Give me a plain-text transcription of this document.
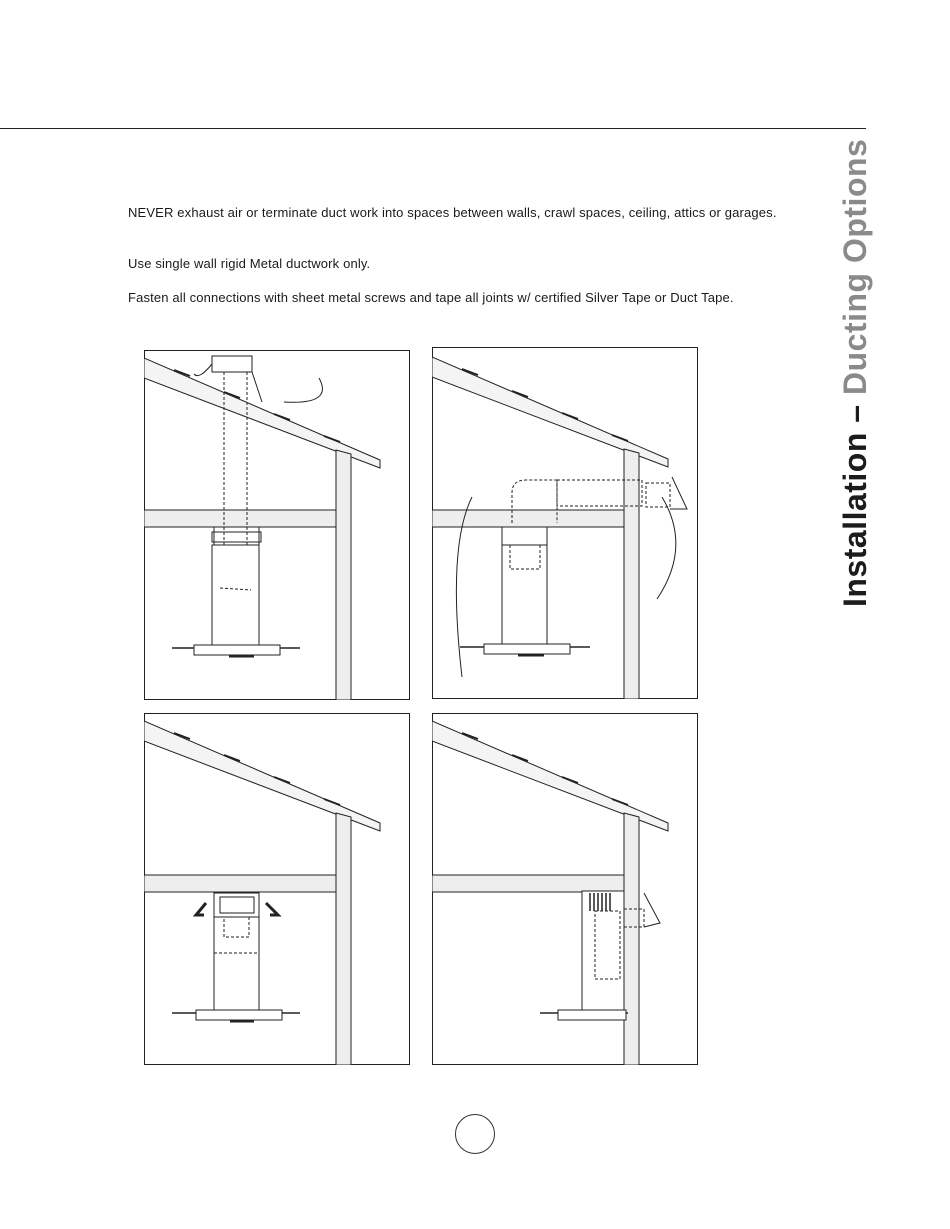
Installation – Ducting Options
NEVER exhaust air or terminate duct work into spaces between walls, crawl spaces, ceiling, attics or garages.
Use single wall rigid Metal ductwork only.
Fasten all connections with sheet metal screws and tape all joints w/ certified Silver Tape or Duct Tape.
